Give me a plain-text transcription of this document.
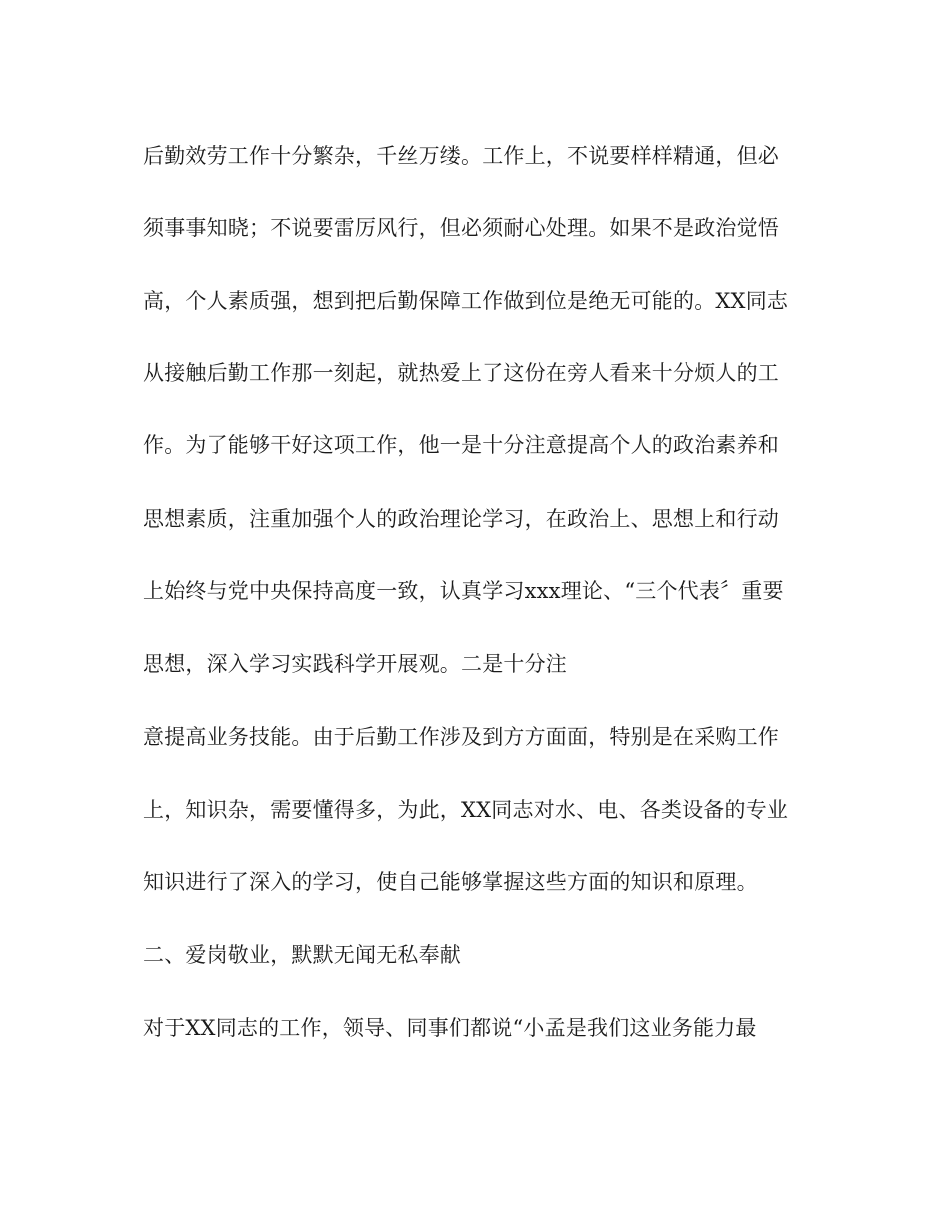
后勤效劳工作十分繁杂，千丝万缕。工作上，不说要样样精通，但必
须事事知晓；不说要雷厉风行，但必须耐心处理。如果不是政治觉悟
高，个人素质强，想到把后勤保障工作做到位是绝无可能的。XX同志
从接触后勤工作那一刻起，就热爱上了这份在旁人看来十分烦人的工
作。为了能够干好这项工作，他一是十分注意提高个人的政治素养和
思想素质，注重加强个人的政治理论学习，在政治上、思想上和行动
上始终与党中央保持高度一致，认真学习xxx理论、“三个代表〞重要
思想，深入学习实践科学开展观。二是十分注
意提高业务技能。由于后勤工作涉及到方方面面，特别是在采购工作
上，知识杂，需要懂得多，为此，XX同志对水、电、各类设备的专业
知识进行了深入的学习，使自己能够掌握这些方面的知识和原理。
二、爱岗敬业，默默无闻无私奉献
对于XX同志的工作，领导、同事们都说“小孟是我们这业务能力最
